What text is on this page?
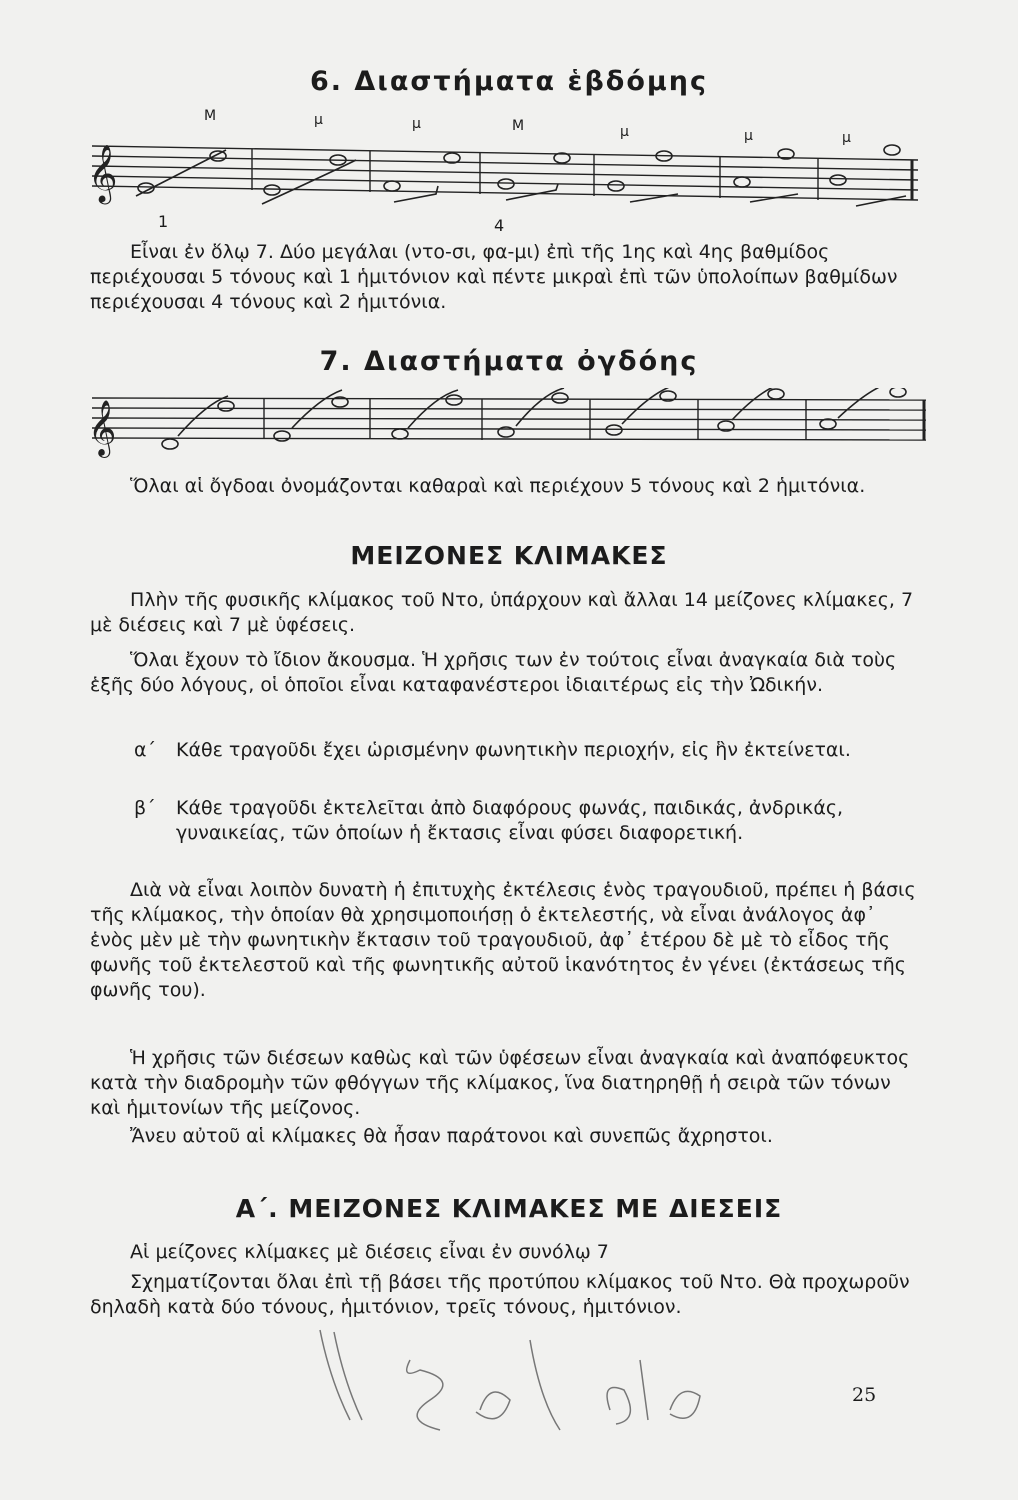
6. Διαστήματα ἑβδόμης
M	μ	μ	M	μ	μ	μ
𝄞
1	4

Εἶναι ἐν ὅλῳ 7. Δύο μεγάλαι (ντο-σι, φα-μι) ἐπὶ τῆς 1ης καὶ 4ης βαθμίδος περιέχουσαι 5 τόνους καὶ 1 ἡμιτόνιον καὶ πέντε μικραὶ ἐπὶ τῶν ὑπολοίπων βαθμίδων περιέχουσαι 4 τόνους καὶ 2 ἡμιτόνια.

7. Διαστήματα ὀγδόης
𝄞

Ὅλαι αἱ ὄγδοαι ὀνομάζονται καθαραὶ καὶ περιέχουν 5 τόνους καὶ 2 ἡμιτόνια.

ΜΕΙΖΟΝΕΣ ΚΛΙΜΑΚΕΣ

Πλὴν τῆς φυσικῆς κλίμακος τοῦ Ντο, ὑπάρχουν καὶ ἄλλαι 14 μείζονες κλίμακες, 7 μὲ διέσεις καὶ 7 μὲ ὑφέσεις.

Ὅλαι ἔχουν τὸ ἴδιον ἄκουσμα. Ἡ χρῆσις των ἐν τούτοις εἶναι ἀναγκαία διὰ τοὺς ἑξῆς δύο λόγους, οἱ ὁποῖοι εἶναι καταφανέστεροι ἰδιαιτέρως εἰς τὴν Ὠδικήν.

α΄ Κάθε τραγοῦδι ἔχει ὡρισμένην φωνητικὴν περιοχήν, εἰς ἣν ἐκτείνεται.

β΄ Κάθε τραγοῦδι ἐκτελεῖται ἀπὸ διαφόρους φωνάς, παιδικάς, ἀνδρικάς, γυναικείας, τῶν ὁποίων ἡ ἔκτασις εἶναι φύσει διαφορετική.

Διὰ νὰ εἶναι λοιπὸν δυνατὴ ἡ ἐπιτυχὴς ἐκτέλεσις ἑνὸς τραγουδιοῦ, πρέπει ἡ βάσις τῆς κλίμακος, τὴν ὁποίαν θὰ χρησιμοποιήσῃ ὁ ἐκτελεστής, νὰ εἶναι ἀνάλογος ἀφ᾽ ἑνὸς μὲν μὲ τὴν φωνητικὴν ἔκτασιν τοῦ τραγουδιοῦ, ἀφ᾽ ἑτέρου δὲ μὲ τὸ εἶδος τῆς φωνῆς τοῦ ἐκτελεστοῦ καὶ τῆς φωνητικῆς αὐτοῦ ἱκανότητος ἐν γένει (ἐκτάσεως τῆς φωνῆς του).

Ἡ χρῆσις τῶν διέσεων καθὼς καὶ τῶν ὑφέσεων εἶναι ἀναγκαία καὶ ἀναπόφευκτος κατὰ τὴν διαδρομὴν τῶν φθόγγων τῆς κλίμακος, ἵνα διατηρηθῇ ἡ σειρὰ τῶν τόνων καὶ ἡμιτονίων τῆς μείζονος.

Ἄνευ αὐτοῦ αἱ κλίμακες θὰ ἦσαν παράτονοι καὶ συνεπῶς ἄχρηστοι.

Α΄. ΜΕΙΖΟΝΕΣ ΚΛΙΜΑΚΕΣ ΜΕ ΔΙΕΣΕΙΣ

Αἱ μείζονες κλίμακες μὲ διέσεις εἶναι ἐν συνόλῳ 7

Σχηματίζονται ὅλαι ἐπὶ τῇ βάσει τῆς προτύπου κλίμακος τοῦ Ντο. Θὰ προχωροῦν δηλαδὴ κατὰ δύο τόνους, ἡμιτόνιον, τρεῖς τόνους, ἡμιτόνιον.

25
